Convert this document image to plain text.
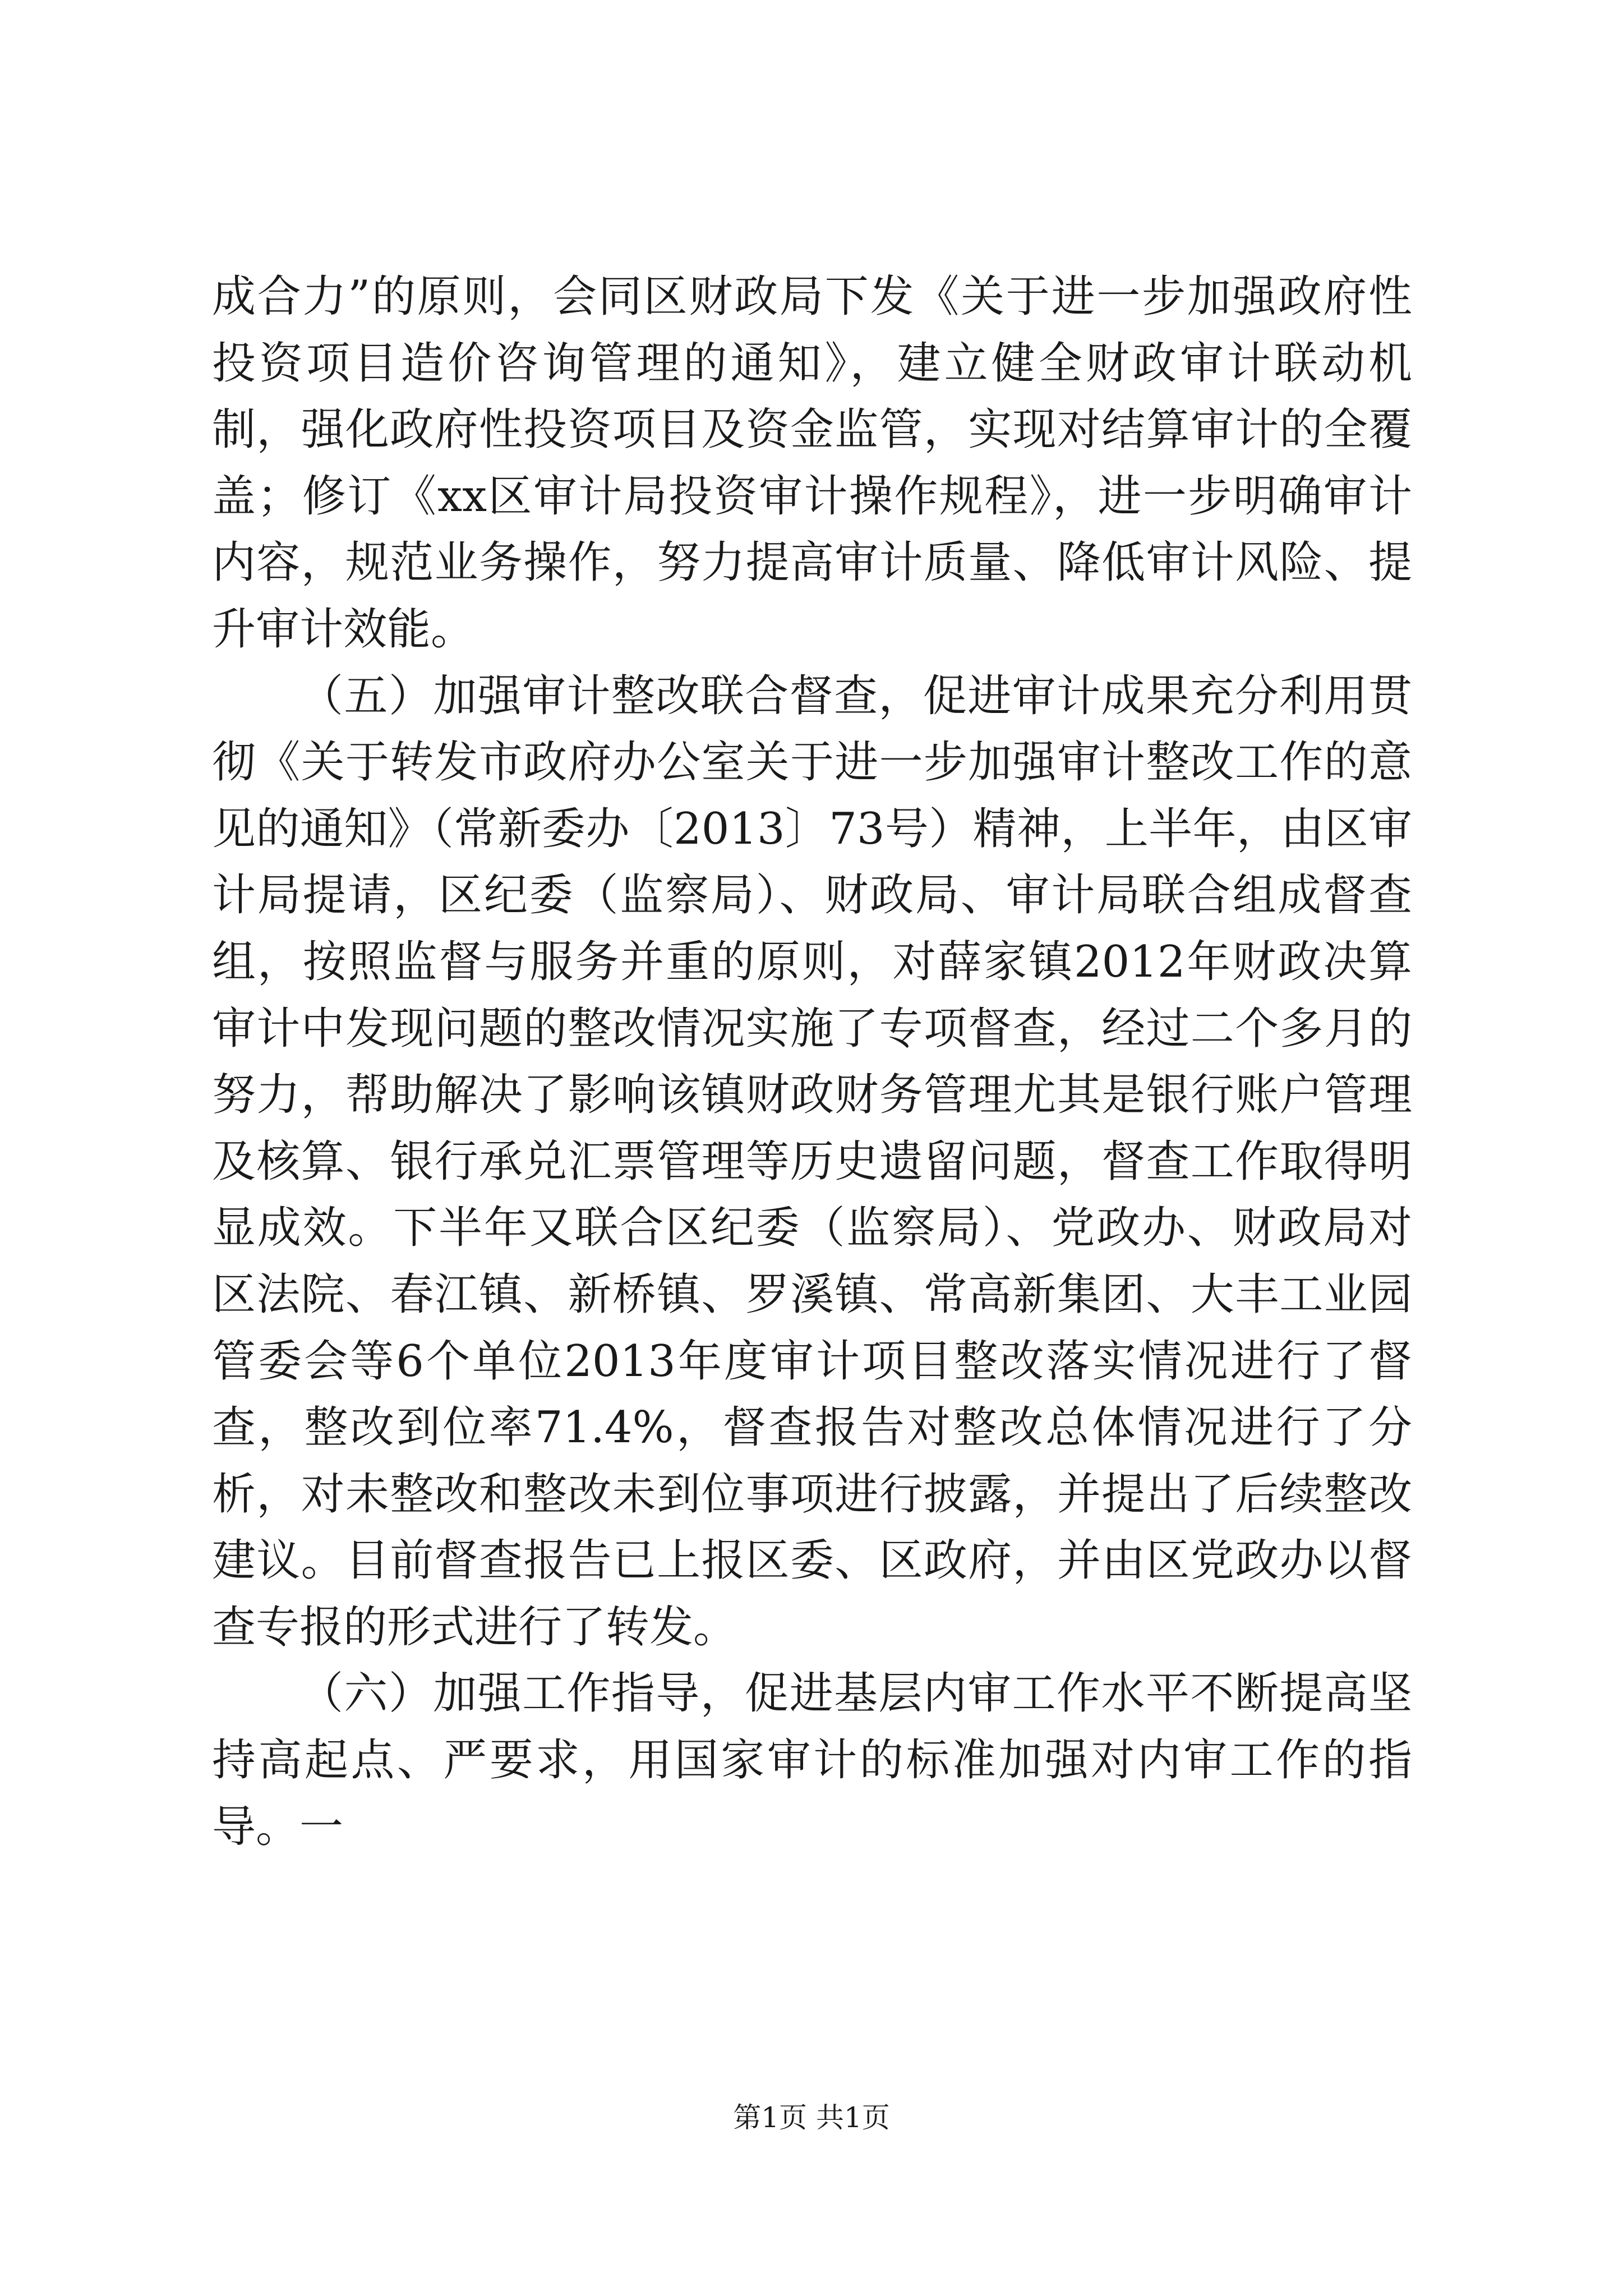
成合力”的原则，会同区财政局下发《关于进一步加强政府性投资项目造价咨询管理的通知》，建立健全财政审计联动机制，强化政府性投资项目及资金监管，实现对结算审计的全覆盖；修订《xx区审计局投资审计操作规程》，进一步明确审计内容，规范业务操作，努力提高审计质量、降低审计风险、提升审计效能。

（五）加强审计整改联合督查，促进审计成果充分利用贯彻《关于转发市政府办公室关于进一步加强审计整改工作的意见的通知》（常新委办〔2013〕73号）精神，上半年，由区审计局提请，区纪委（监察局）、财政局、审计局联合组成督查组，按照监督与服务并重的原则，对薛家镇2012年财政决算审计中发现问题的整改情况实施了专项督查，经过二个多月的努力，帮助解决了影响该镇财政财务管理尤其是银行账户管理及核算、银行承兑汇票管理等历史遗留问题，督查工作取得明显成效。下半年又联合区纪委（监察局）、党政办、财政局对区法院、春江镇、新桥镇、罗溪镇、常高新集团、大丰工业园管委会等6个单位2013年度审计项目整改落实情况进行了督查，整改到位率71.4%，督查报告对整改总体情况进行了分析，对未整改和整改未到位事项进行披露，并提出了后续整改建议。目前督查报告已上报区委、区政府，并由区党政办以督查专报的形式进行了转发。

（六）加强工作指导，促进基层内审工作水平不断提高坚持高起点、严要求，用国家审计的标准加强对内审工作的指导。一

第1页 共1页
